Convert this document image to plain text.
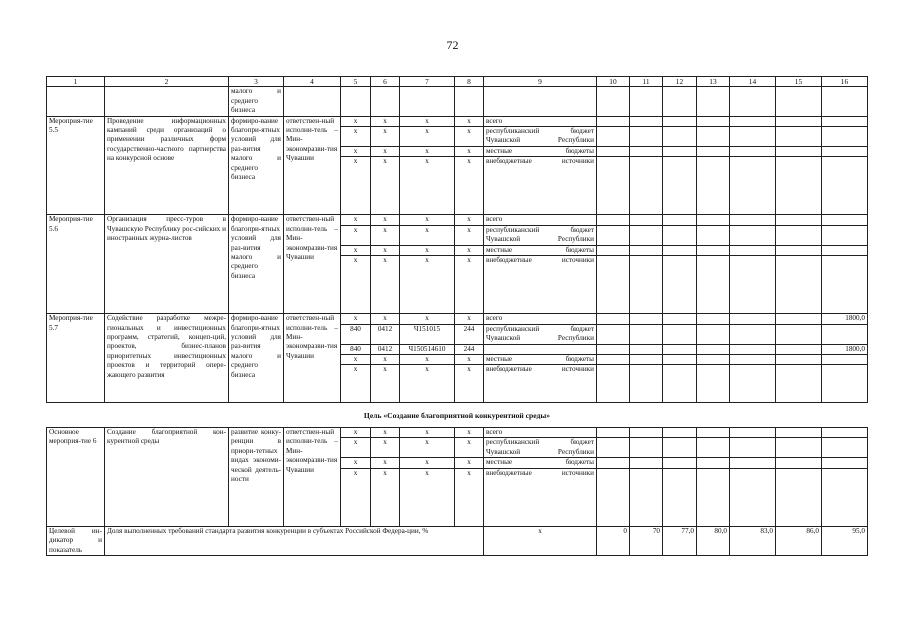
72
1	2	3	4	5	6	7	8	9	10	11	12	13	14	15	16
		малого и среднего бизнеса													
Мероприя-тие 5.5	Проведение информационных кампаний среди организаций о применении различных форм государственно-частного партнерства на конкурсной основе	формиро-вание благопри-ятных условий для раз-вития малого и среднего бизнеса	ответствен-ный исполни-тель – Мин-экономразви-тия Чувашии	x	x	x	x	всего							
				x	x	x	x	республиканский бюджет Чувашской Республики							
				x	x	x	x	местные бюджеты							
				x	x	x	x	внебюджетные источники							
Мероприя-тие 5.6	Организация пресс-туров в Чувашскую Республику рос-сийских и иностранных журна-листов	формиро-вание благопри-ятных условий для раз-вития малого и среднего бизнеса	ответствен-ный исполни-тель – Мин-экономразви-тия Чувашии	x	x	x	x	всего							
				x	x	x	x	республиканский бюджет Чувашской Республики							
				x	x	x	x	местные бюджеты							
				x	x	x	x	внебюджетные источники							
Мероприя-тие 5.7	Содействие разработке межре-гиональных и инвестиционных программ, стратегий, концеп-ций, проектов, бизнес-планов приоритетных инвестиционных проектов и территорий опере-жающего развития	формиро-вание благопри-ятных условий для раз-вития малого и среднего бизнеса	ответствен-ный исполни-тель – Мин-экономразви-тия Чувашии	x	x	x	x	всего							1800,0
				840	0412	Ч151015	244	республиканский бюджет Чувашской Республики							
				840	0412	Ч150514610	244								1800,0
				x	x	x	x	местные бюджеты							
				x	x	x	x	внебюджетные источники							
Цель «Создание благоприятной конкурентной среды»															
Основное мероприя-тие 6	Создание благоприятной кон-курентной среды	развитие конку-ренции в приори-тетных видах экономи-ческой деятель-ности	ответствен-ный исполни-тель – Мин-экономразви-тия Чувашии	x	x	x	x	всего							
				x	x	x	x	республиканский бюджет Чувашской Республики							
				x	x	x	x	местные бюджеты							
				x	x	x	x	внебюджетные источники							
Целевой ин-дикатор и показатель	Доля выполненных требований стандарта развития конкуренции в субъектах Российской Федера-ции, %							x	0	70	77,0	80,0	83,0	86,0	95,0
